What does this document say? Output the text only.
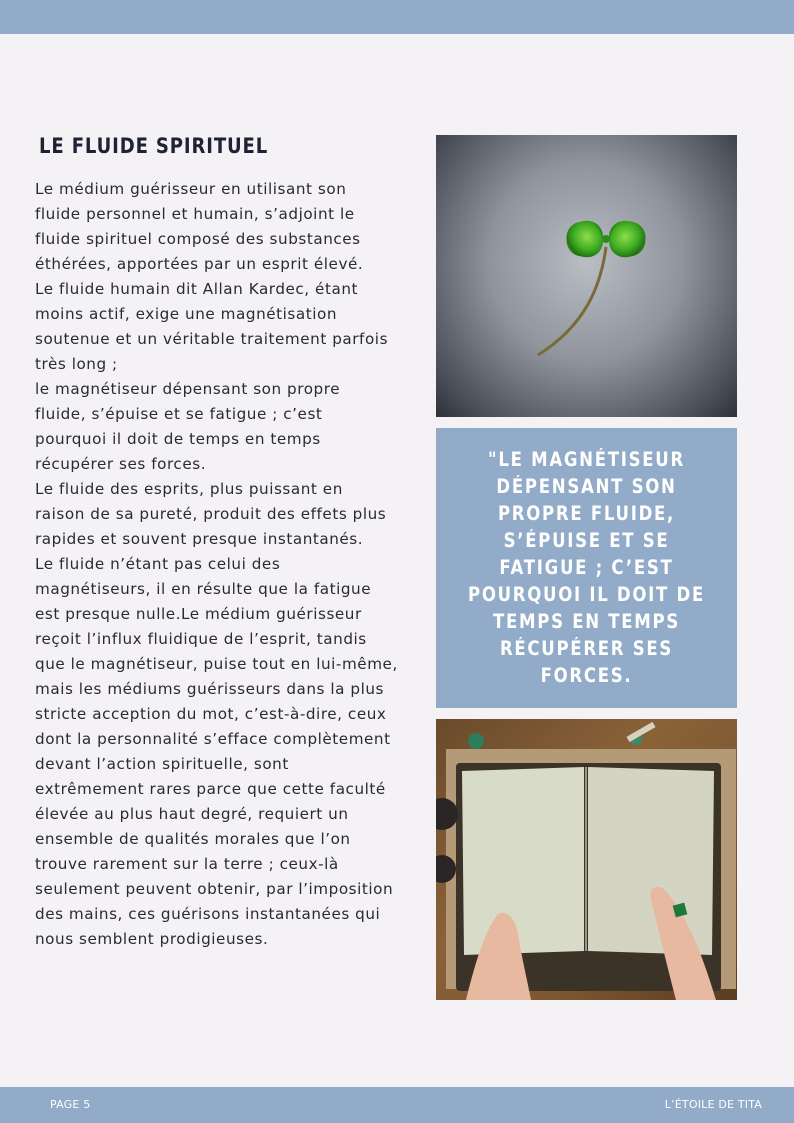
LE FLUIDE SPIRITUEL
Le médium guérisseur en utilisant son
fluide personnel et humain, s’adjoint le
fluide spirituel composé des substances
éthérées, apportées par un esprit élevé.
Le fluide humain dit Allan Kardec, étant
moins actif, exige une magnétisation
soutenue et un véritable traitement parfois
très long ;
le magnétiseur dépensant son propre
fluide, s’épuise et se fatigue ; c’est
pourquoi il doit de temps en temps
récupérer ses forces.
Le fluide des esprits, plus puissant en
raison de sa pureté, produit des effets plus
rapides et souvent presque instantanés.
Le fluide n’étant pas celui des
magnétiseurs, il en résulte que la fatigue
est presque nulle.Le médium guérisseur
reçoit l’influx fluidique de l’esprit, tandis
que le magnétiseur, puise tout en lui-même,
mais les médiums guérisseurs dans la plus
stricte acception du mot, c’est-à-dire, ceux
dont la personnalité s’efface complètement
devant l’action spirituelle, sont
extrêmement rares parce que cette faculté
élevée au plus haut degré, requiert un
ensemble de qualités morales que l’on
trouve rarement sur la terre ; ceux-là
seulement peuvent obtenir, par l’imposition
des mains, ces guérisons instantanées qui
nous semblent prodigieuses.
"LE MAGNÉTISEUR
DÉPENSANT SON
PROPRE FLUIDE,
S’ÉPUISE ET SE
FATIGUE ; C’EST
POURQUOI IL DOIT DE
TEMPS EN TEMPS
RÉCUPÉRER SES
FORCES.
PAGE 5	L’ÉTOILE DE TITA
